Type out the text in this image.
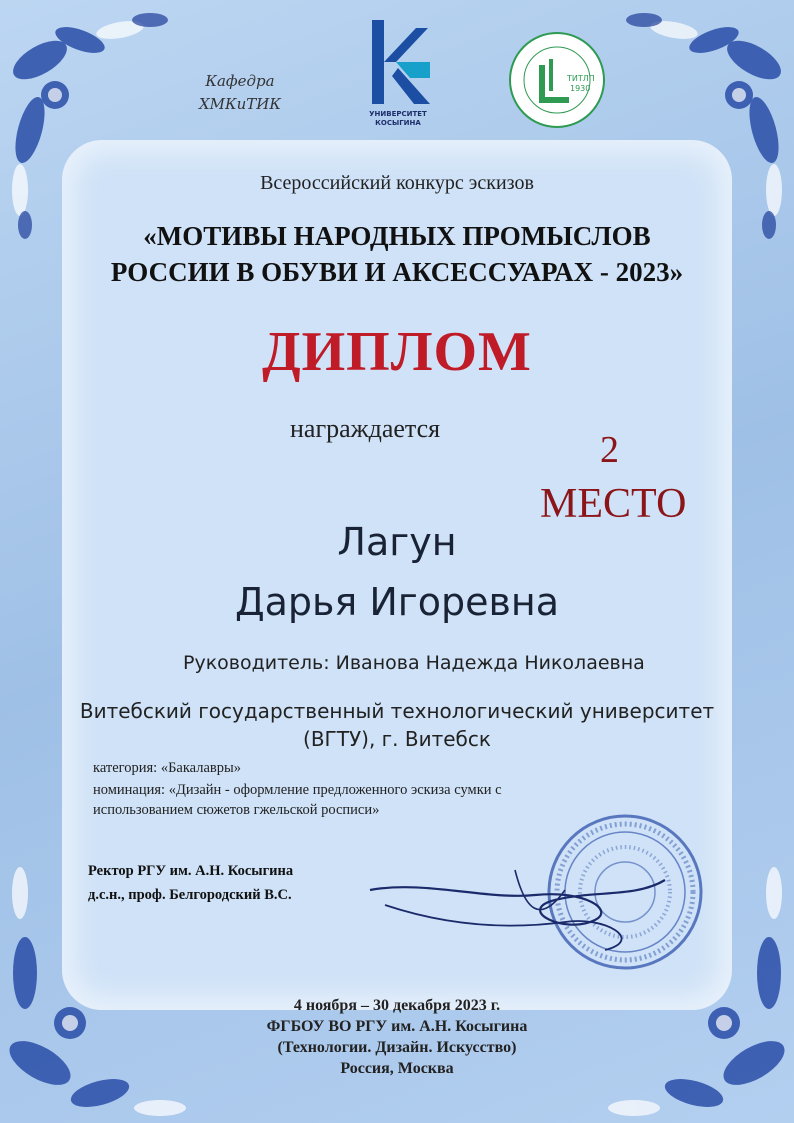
Кафедра
ХМКиТИК
УНИВЕРСИТЕТ
КОСЫГИНА
ТИТЛП
1930
Всероссийский конкурс эскизов
«МОТИВЫ НАРОДНЫХ ПРОМЫСЛОВ
РОССИИ В ОБУВИ И АКСЕССУАРАХ - 2023»
ДИПЛОМ
награждается
2
МЕСТО
Лагун
Дарья Игоревна
Руководитель: Иванова Надежда Николаевна
Витебский государственный технологический университет
(ВГТУ), г. Витебск
категория: «Бакалавры»
номинация: «Дизайн - оформление предложенного эскиза сумки с
использованием сюжетов гжельской росписи»
Ректор РГУ им. А.Н. Косыгина
д.с.н., проф. Белгородский В.С.
4 ноября – 30 декабря 2023 г.
ФГБОУ ВО РГУ им. А.Н. Косыгина
(Технологии. Дизайн. Искусство)
Россия, Москва
